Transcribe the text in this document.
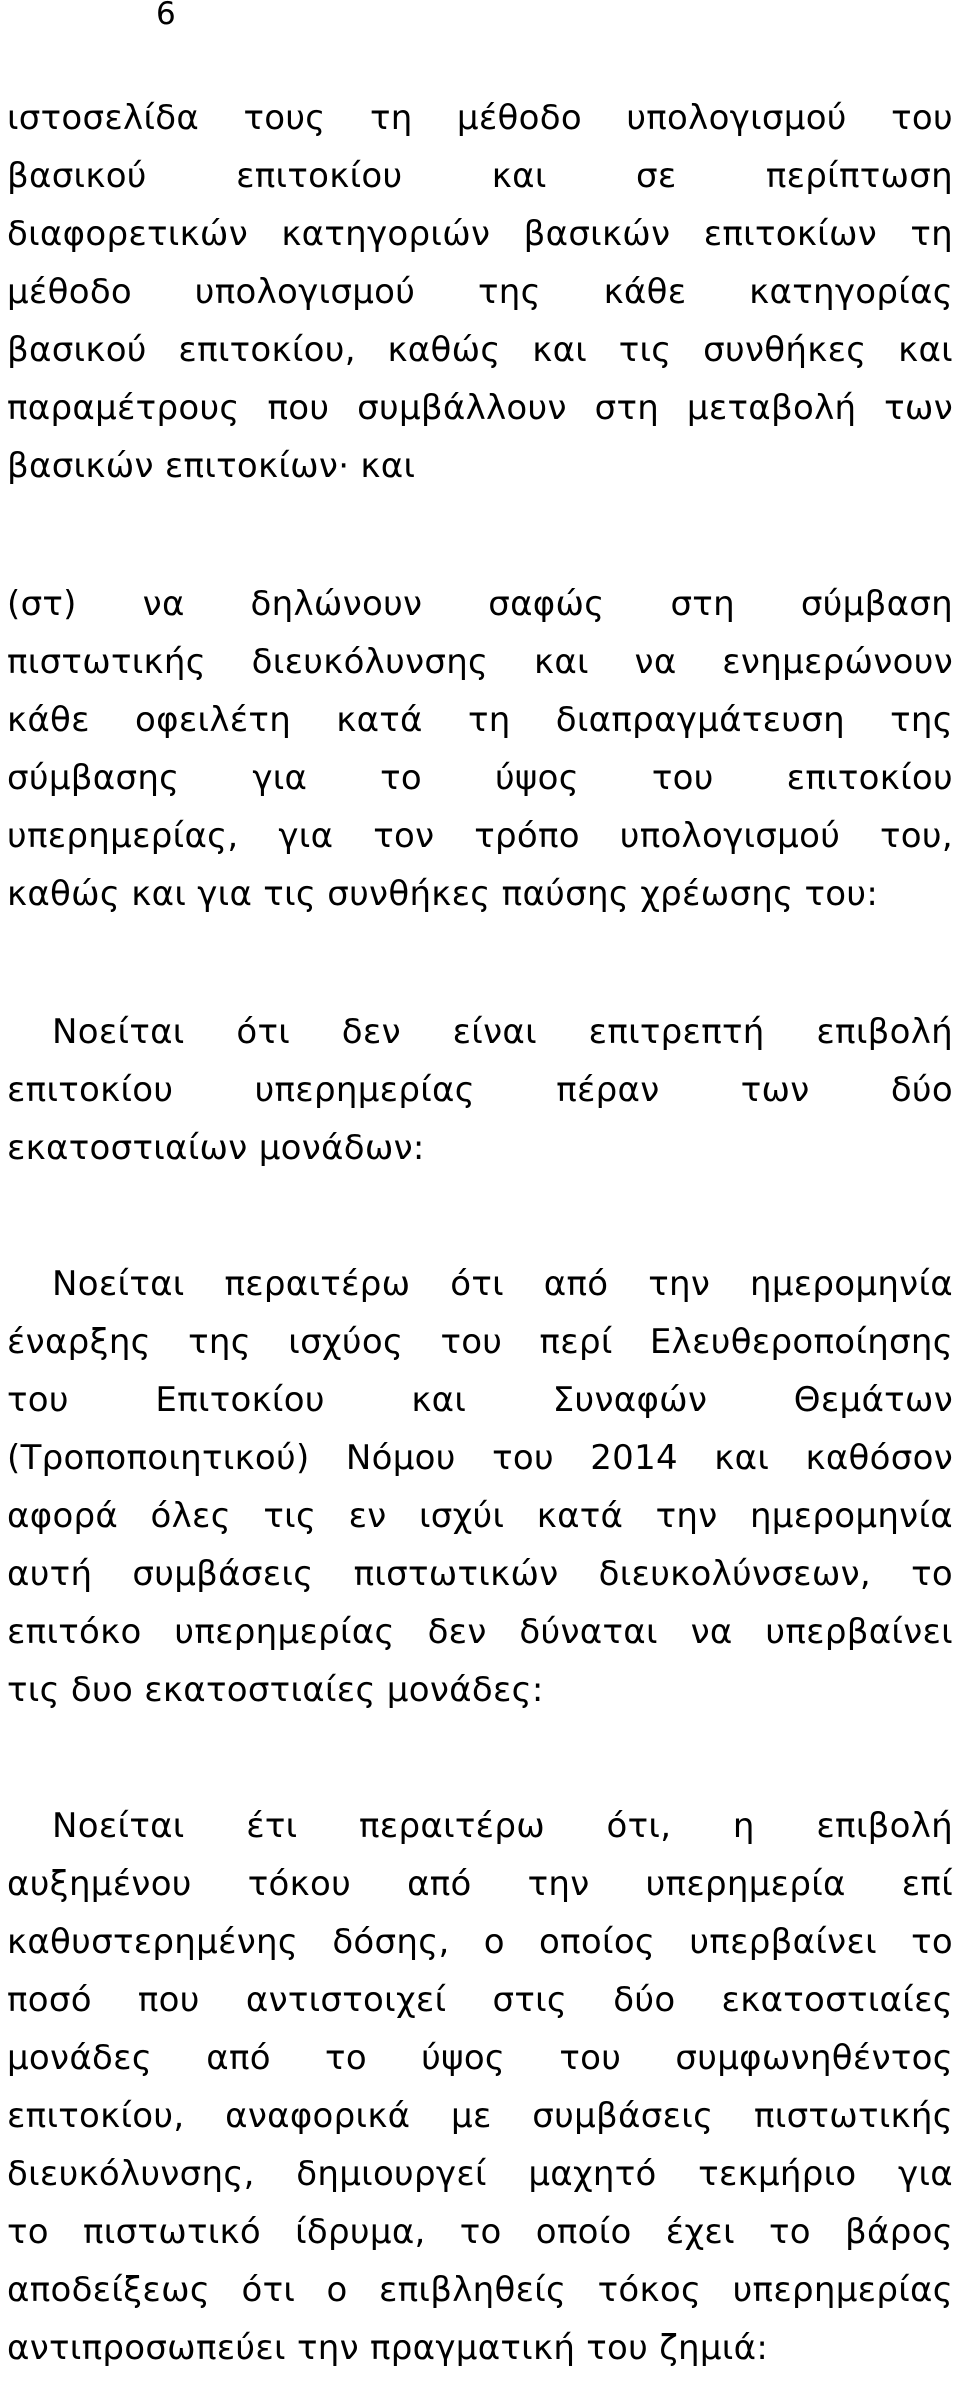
6
ιστοσελίδα τους τη μέθοδο υπολογισμού του
βασικού επιτοκίου και σε περίπτωση
διαφορετικών κατηγοριών βασικών επιτοκίων τη
μέθοδο υπολογισμού της κάθε κατηγορίας
βασικού επιτοκίου, καθώς και τις συνθήκες και
παραμέτρους που συμβάλλουν στη μεταβολή των
βασικών επιτοκίων· και
(στ) να δηλώνουν σαφώς στη σύμβαση
πιστωτικής διευκόλυνσης και να ενημερώνουν
κάθε οφειλέτη κατά τη διαπραγμάτευση της
σύμβασης για το ύψος του επιτοκίου
υπερημερίας, για τον τρόπο υπολογισμού του,
καθώς και για τις συνθήκες παύσης χρέωσης του:
Νοείται ότι δεν είναι επιτρεπτή επιβολή
επιτοκίου υπερημερίας πέραν των δύο
εκατοστιαίων μονάδων:
Νοείται περαιτέρω ότι από την ημερομηνία
έναρξης της ισχύος του περί Ελευθεροποίησης
του Επιτοκίου και Συναφών Θεμάτων
(Τροποποιητικού) Νόμου του 2014 και καθόσον
αφορά όλες τις εν ισχύι κατά την ημερομηνία
αυτή συμβάσεις πιστωτικών διευκολύνσεων, το
επιτόκο υπερημερίας δεν δύναται να υπερβαίνει
τις δυο εκατοστιαίες μονάδες:
Νοείται έτι περαιτέρω ότι, η επιβολή
αυξημένου τόκου από την υπερημερία επί
καθυστερημένης δόσης, ο οποίος υπερβαίνει το
ποσό που αντιστοιχεί στις δύο εκατοστιαίες
μονάδες από το ύψος του συμφωνηθέντος
επιτοκίου, αναφορικά με συμβάσεις πιστωτικής
διευκόλυνσης, δημιουργεί μαχητό τεκμήριο για
το πιστωτικό ίδρυμα, το οποίο έχει το βάρος
αποδείξεως ότι ο επιβληθείς τόκος υπερημερίας
αντιπροσωπεύει την πραγματική του ζημιά:
